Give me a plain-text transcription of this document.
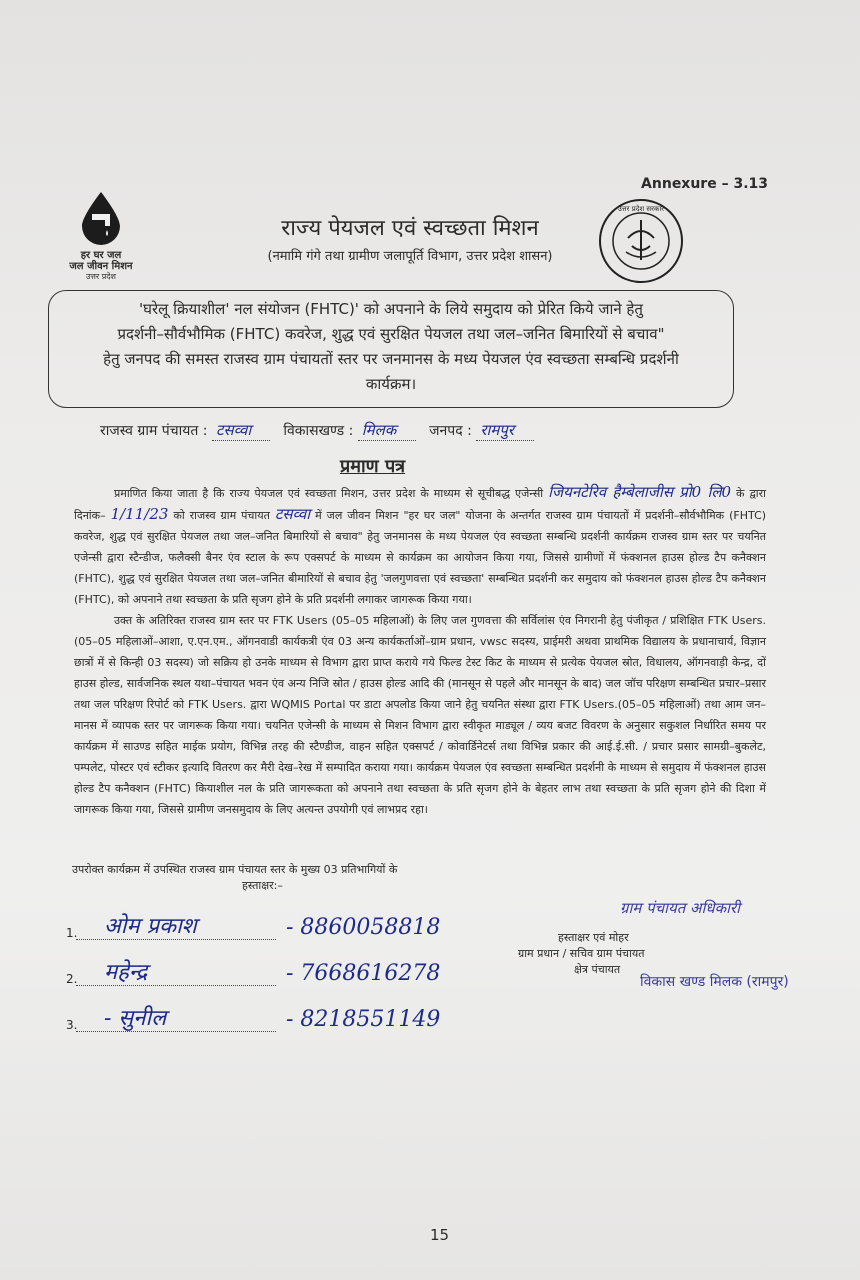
Annexure – 3.13
हर घर जल
जल जीवन मिशन
उत्तर प्रदेश
राज्य पेयजल एवं स्वच्छता मिशन
(नमामि गंगे तथा ग्रामीण जलापूर्ति विभाग, उत्तर प्रदेश शासन)
उत्तर प्रदेश सरकार
'घरेलू क्रियाशील' नल संयोजन (FHTC)' को अपनाने के लिये समुदाय को प्रेरित किये जाने हेतु
प्रदर्शनी–सौर्वभौमिक (FHTC) कवरेज, शुद्ध एवं सुरक्षित पेयजल तथा जल–जनित बिमारियों से बचाव"
हेतु जनपद की समस्त राजस्व ग्राम पंचायतों स्तर पर जनमानस के मध्य पेयजल एंव स्वच्छता सम्बन्धि प्रदर्शनी
कार्यक्रम।
राजस्व ग्राम पंचायत : टसव्वा विकासखण्ड : मिलक जनपद : रामपुर
प्रमाण पत्र

प्रमाणित किया जाता है कि राज्य पेयजल एवं स्वच्छता मिशन, उत्तर प्रदेश के माध्यम से सूचीबद्ध एजेन्सी जियनटेरिव हैम्बेलाजीस प्रो0 लि0 के द्वारा दिनांक– 1/11/23 को राजस्व ग्राम पंचायत टसव्वा में जल जीवन मिशन "हर घर जल" योजना के अन्तर्गत राजस्व ग्राम पंचायतों में प्रदर्शनी–सौर्वभौमिक (FHTC) कवरेज, शुद्ध एवं सुरक्षित पेयजल तथा जल–जनित बिमारियों से बचाव" हेतु जनमानस के मध्य पेयजल एंव स्वच्छता सम्बन्धि प्रदर्शनी कार्यक्रम राजस्व ग्राम स्तर पर चयनित एजेन्सी द्वारा स्टैन्डीज, फलैक्सी बैनर एंव स्टाल के रूप एक्सपर्ट के माध्यम से कार्यक्रम का आयोजन किया गया, जिससे ग्रामीणों में फंक्शनल हाउस होल्ड टैप कनैक्शन (FHTC), शुद्ध एवं सुरक्षित पेयजल तथा जल–जनित बीमारियों से बचाव हेतु 'जलगुणवत्ता एवं स्वच्छता' सम्बन्धित प्रदर्शनी कर समुदाय को फंक्शनल हाउस होल्ड टैप कनैक्शन (FHTC), को अपनाने तथा स्वच्छता के प्रति सृजग होने के प्रति प्रदर्शनी लगाकर जागरूक किया गया।

उक्त के अतिरिक्त राजस्व ग्राम स्तर पर FTK Users (05–05 महिलाओं) के लिए जल गुणवत्ता की सर्विलांस एंव निगरानी हेतु पंजीकृत / प्रशिक्षित FTK Users.(05–05 महिलाओं–आशा, ए.एन.एम., ऑगनवाडी कार्यकत्री एंव 03 अन्य कार्यकर्ताओं–ग्राम प्रधान, vwsc सदस्य, प्राईमरी अथवा प्राथमिक विद्यालय के प्रधानाचार्य, विज्ञान छात्रों में से किन्ही 03 सदस्य) जो सक्रिय हो उनके माध्यम से विभाग द्वारा प्राप्त कराये गये फिल्ड टेस्ट किट के माध्यम से प्रत्येक पेयजल स्रोत, विधालय, ऑगनवाड़ी केन्द्र, दों हाउस होल्ड, सार्वजनिक स्थल यथा–पंचायत भवन एंव अन्य निजि स्रोत / हाउस होल्ड आदि की (मानसून से पहले और मानसून के बाद) जल जॉच परिक्षण सम्बन्धित प्रचार–प्रसार तथा जल परिक्षण रिपोर्ट को FTK Users. द्वारा WQMIS Portal पर डाटा अपलोड किया जाने हेतु चयनित संस्था द्वारा FTK Users.(05–05 महिलाओं) तथा आम जन–मानस में व्यापक स्तर पर जागरूक किया गया। चयनित एजेन्सी के माध्यम से मिशन विभाग द्वारा स्वीकृत माड्यूल / व्यय बजट विवरण के अनुसार सकुशल निर्धारित समय पर कार्यक्रम में साउण्ड सहित माईक प्रयोग, विभिन्न तरह की स्टैण्डीज, वाहन सहित एक्सपर्ट / कोवार्डिनेटर्स तथा विभिन्न प्रकार की आई.ई.सी. / प्रचार प्रसार सामग्री–बुकलेट, पम्पलेट, पोस्टर एवं स्टीकर इत्यादि वितरण कर मैरी देख–रेख में सम्पादित कराया गया। कार्यक्रम पेयजल एंव स्वच्छता सम्बन्धित प्रदर्शनी के माध्यम से समुदाय में फंक्शनल हाउस होल्ड टैप कनैक्शन (FHTC) कियाशील नल के प्रति जागरूकता को अपनाने तथा स्वच्छता के प्रति सृजग होने के बेहतर लाभ तथा स्वच्छता के प्रति सृजग होने की दिशा में जागरूक किया गया, जिससे ग्रामीण जनसमुदाय के लिए अत्यन्त उपयोगी एवं लाभप्रद रहा।

उपरोक्त कार्यक्रम में उपस्थित राजस्व ग्राम पंचायत स्तर के मुख्य 03 प्रतिभागियों के
हस्ताक्षर:–
1. ओम प्रकाश	- 8860058818
2. महेन्द्र	- 7668616278
3. - सुनील	- 8218551149
ग्राम पंचायत अधिकारी
हस्ताक्षर एवं मोहर
ग्राम प्रधान / सचिव ग्राम पंचायत
क्षेत्र पंचायत
विकास खण्ड मिलक (रामपुर)
15
